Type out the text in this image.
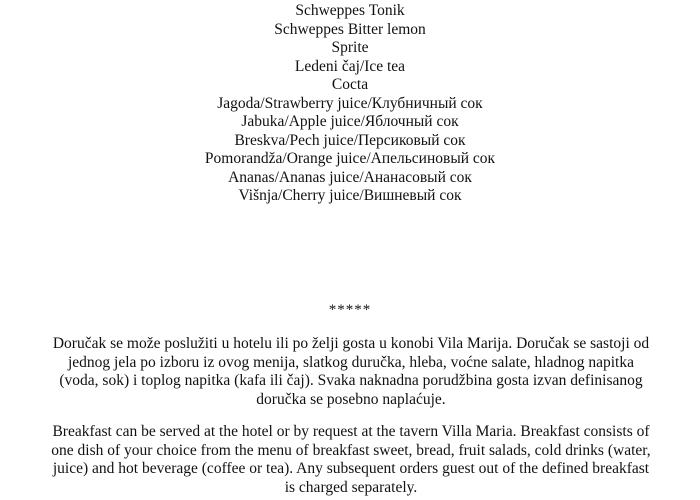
Schweppes Tonik
Schweppes Bitter lemon
Sprite
Ledeni čaj/Ice tea
Cocta
Jagoda/Strawberry juice/Клубничный сок
Jabuka/Apple juice/Яблочный сок
Breskva/Pech juice/Персиковый сок
Pomorandža/Orange juice/Апельсиновый сок
Ananas/Ananas juice/Ананасовый сок
Višnja/Cherry juice/Вишневый сок
*****

Doručak se može poslužiti u hotelu ili po želji gosta u konobi Vila Marija. Doručak se sastoji od
jednog jela po izboru iz ovog menija, slatkog duručka, hleba, voćne salate, hladnog napitka
(voda, sok) i toplog napitka (kafa ili čaj). Svaka naknadna porudžbina gosta izvan definisanog
doručka se posebno naplaćuje.

Breakfast can be served at the hotel or by request at the tavern Villa Maria. Breakfast consists of
one dish of your choice from the menu of breakfast sweet, bread, fruit salads, cold drinks (water,
juice) and hot beverage (coffee or tea). Any subsequent orders guest out of the defined breakfast
is charged separately.
